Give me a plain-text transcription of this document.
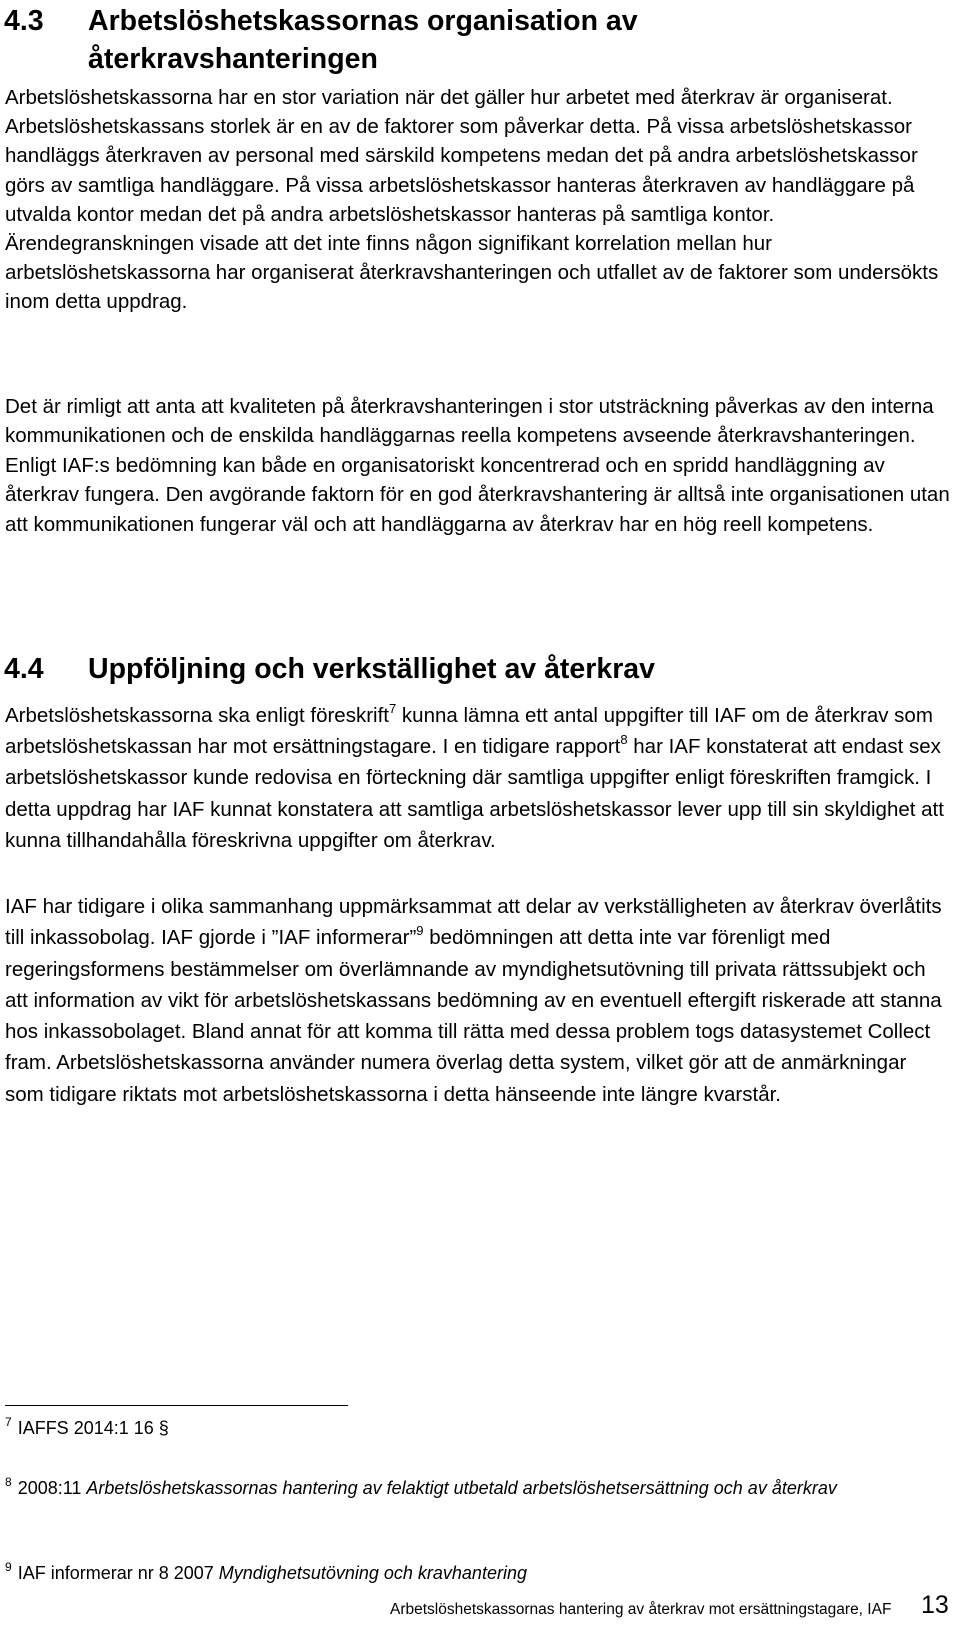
4.3 Arbetslöshetskassornas organisation av
återkravshanteringen

Arbetslöshetskassorna har en stor variation när det gäller hur arbetet med återkrav är organiserat. Arbetslöshetskassans storlek är en av de faktorer som påverkar detta. På vissa arbetslöshetskassor handläggs återkraven av personal med särskild kompetens medan det på andra arbetslöshetskassor görs av samtliga handläggare. På vissa arbetslöshetskassor hanteras återkraven av handläggare på utvalda kontor medan det på andra arbetslöshetskassor hanteras på samtliga kontor. Ärendegranskningen visade att det inte finns någon signifikant korrelation mellan hur arbetslöshetskassorna har organiserat återkravshanteringen och utfallet av de faktorer som undersökts inom detta uppdrag.

Det är rimligt att anta att kvaliteten på återkravshanteringen i stor utsträckning påverkas av den interna kommunikationen och de enskilda handläggarnas reella kompetens avseende återkravshanteringen. Enligt IAF:s bedömning kan både en organisatoriskt koncentrerad och en spridd handläggning av återkrav fungera. Den avgörande faktorn för en god återkravshantering är alltså inte organisationen utan att kommunikationen fungerar väl och att handläggarna av återkrav har en hög reell kompetens.

4.4 Uppföljning och verkställighet av återkrav

Arbetslöshetskassorna ska enligt föreskrift$^7$ kunna lämna ett antal uppgifter till IAF om de återkrav som arbetslöshetskassan har mot ersättningstagare. I en tidigare rapport$^8$ har IAF konstaterat att endast sex arbetslöshetskassor kunde redovisa en förteckning där samtliga uppgifter enligt föreskriften framgick. I detta uppdrag har IAF kunnat konstatera att samtliga arbetslöshetskassor lever upp till sin skyldighet att kunna tillhandahålla föreskrivna uppgifter om återkrav.

IAF har tidigare i olika sammanhang uppmärksammat att delar av verkställigheten av återkrav överlåtits till inkassobolag. IAF gjorde i ”IAF informerar”$^9$ bedömningen att detta inte var förenligt med regeringsformens bestämmelser om överlämnande av myndighetsutövning till privata rättssubjekt och att information av vikt för arbetslöshetskassans bedömning av en eventuell eftergift riskerade att stanna hos inkassobolaget. Bland annat för att komma till rätta med dessa problem togs datasystemet Collect fram. Arbetslöshetskassorna använder numera överlag detta system, vilket gör att de anmärkningar som tidigare riktats mot arbetslöshetskassorna i detta hänseende inte längre kvarstår.

$^7$ IAFFS 2014:1 16 §

$^8$ 2008:11 Arbetslöshetskassornas hantering av felaktigt utbetald arbetslöshetsersättning och av återkrav

$^9$ IAF informerar nr 8 2007 Myndighetsutövning och kravhantering

Arbetslöshetskassornas hantering av återkrav mot ersättningstagare, IAF 13
